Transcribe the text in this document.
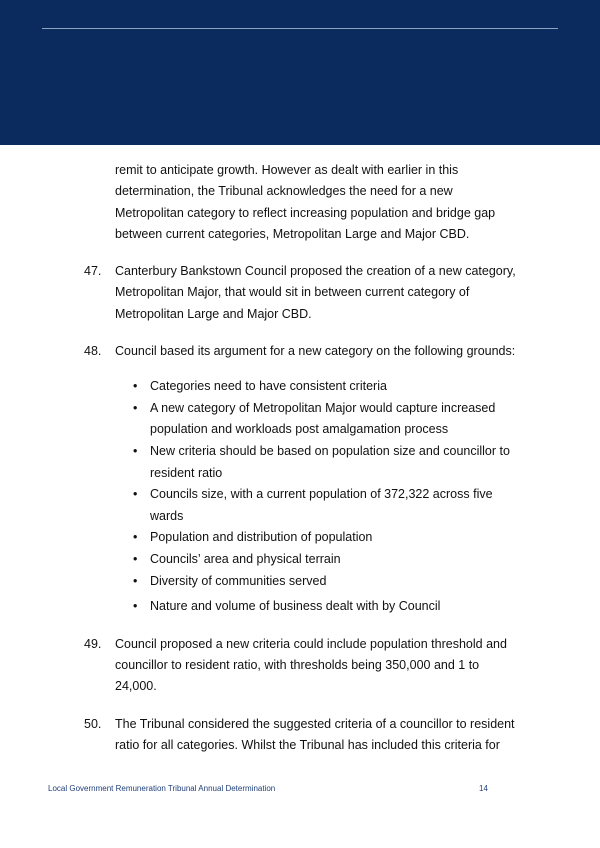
remit to anticipate growth. However as dealt with earlier in this determination, the Tribunal acknowledges the need for a new Metropolitan category to reflect increasing population and bridge gap between current categories, Metropolitan Large and Major CBD.

47.	Canterbury Bankstown Council proposed the creation of a new category, Metropolitan Major, that would sit in between current category of Metropolitan Large and Major CBD.
48.	Council based its argument for a new category on the following grounds:
• Categories need to have consistent criteria
• A new category of Metropolitan Major would capture increased population and workloads post amalgamation process
• New criteria should be based on population size and councillor to resident ratio
• Councils size, with a current population of 372,322 across five wards
• Population and distribution of population
• Councils’ area and physical terrain
• Diversity of communities served
• Nature and volume of business dealt with by Council
49.	Council proposed a new criteria could include population threshold and councillor to resident ratio, with thresholds being 350,000 and 1 to 24,000.
50.	The Tribunal considered the suggested criteria of a councillor to resident ratio for all categories. Whilst the Tribunal has included this criteria for
Local Government Remuneration Tribunal Annual Determination	14
